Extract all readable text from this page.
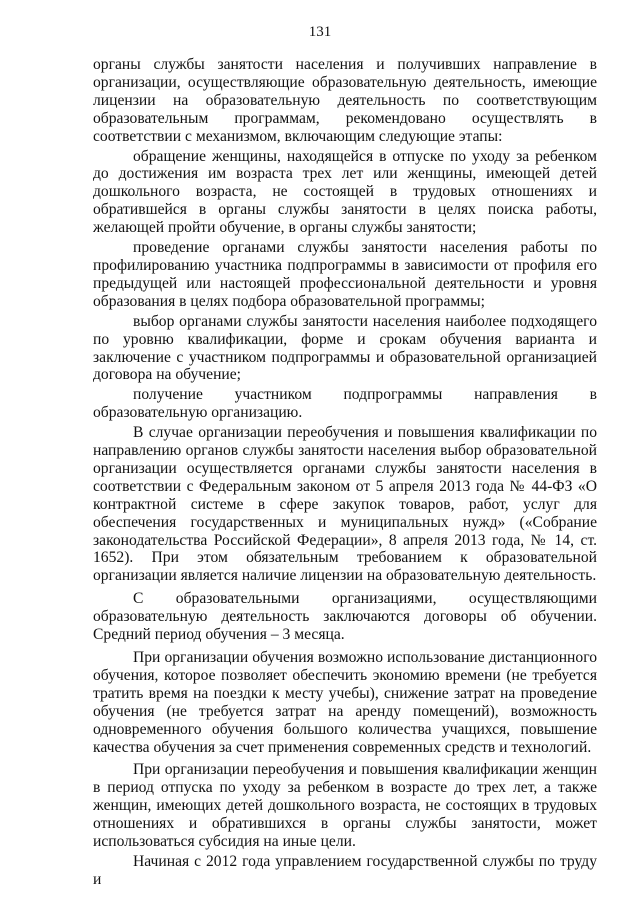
131

органы службы занятости населения и получивших направление в организации, осуществляющие образовательную деятельность, имеющие лицензии на образовательную деятельность по соответствующим образовательным программам, рекомендовано осуществлять в соответствии с механизмом, включающим следующие этапы:

обращение женщины, находящейся в отпуске по уходу за ребенком до достижения им возраста трех лет или женщины, имеющей детей дошкольного возраста, не состоящей в трудовых отношениях и обратившейся в органы службы занятости в целях поиска работы, желающей пройти обучение, в органы службы занятости;

проведение органами службы занятости населения работы по профилированию участника подпрограммы в зависимости от профиля его предыдущей или настоящей профессиональной деятельности и уровня образования в целях подбора образовательной программы;

выбор органами службы занятости населения наиболее подходящего по уровню квалификации, форме и срокам обучения варианта и заключение с участником подпрограммы и образовательной организацией договора на обучение;

получение участником подпрограммы направления в образовательную организацию.

В случае организации переобучения и повышения квалификации по направлению органов службы занятости населения выбор образовательной организации осуществляется органами службы занятости населения в соответствии с Федеральным законом от 5 апреля 2013 года № 44-ФЗ «О контрактной системе в сфере закупок товаров, работ, услуг для обеспечения государственных и муниципальных нужд» («Собрание законодательства Российской Федерации», 8 апреля 2013 года, № 14, ст. 1652). При этом обязательным требованием к образовательной организации является наличие лицензии на образовательную деятельность.

С образовательными организациями, осуществляющими образовательную деятельность заключаются договоры об обучении. Средний период обучения – 3 месяца.

При организации обучения возможно использование дистанционного обучения, которое позволяет обеспечить экономию времени (не требуется тратить время на поездки к месту учебы), снижение затрат на проведение обучения (не требуется затрат на аренду помещений), возможность одновременного обучения большого количества учащихся, повышение качества обучения за счет применения современных средств и технологий.

При организации переобучения и повышения квалификации женщин в период отпуска по уходу за ребенком в возрасте до трех лет, а также женщин, имеющих детей дошкольного возраста, не состоящих в трудовых отношениях и обратившихся в органы службы занятости, может использоваться субсидия на иные цели.

Начиная с 2012 года управлением государственной службы по труду и
